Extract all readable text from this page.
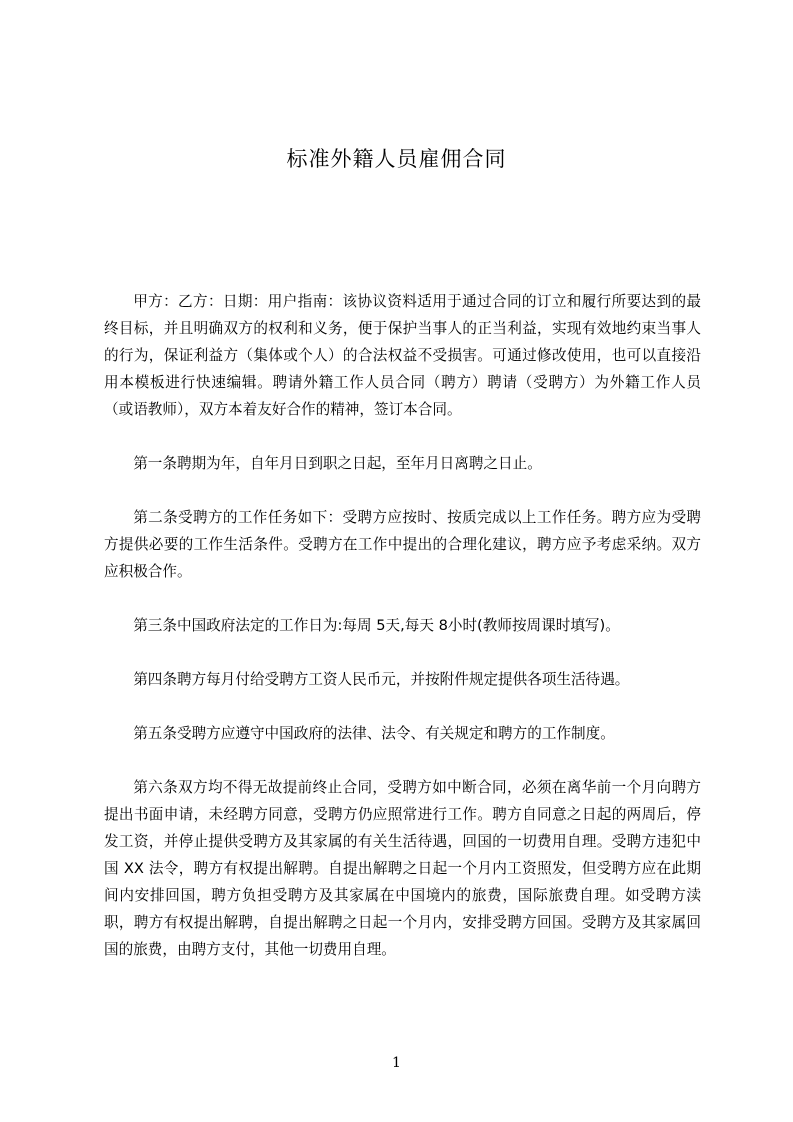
标准外籍人员雇佣合同

甲方：乙方：日期：用户指南：该协议资料适用于通过合同的订立和履行所要达到的最终目标，并且明确双方的权利和义务，便于保护当事人的正当利益，实现有效地约束当事人的行为，保证利益方（集体或个人）的合法权益不受损害。可通过修改使用，也可以直接沿用本模板进行快速编辑。聘请外籍工作人员合同（聘方）聘请（受聘方）为外籍工作人员（或语教师），双方本着友好合作的精神，签订本合同。

第一条聘期为年，自年月日到职之日起，至年月日离聘之日止。

第二条受聘方的工作任务如下：受聘方应按时、按质完成以上工作任务。聘方应为受聘方提供必要的工作生活条件。受聘方在工作中提出的合理化建议，聘方应予考虑采纳。双方应积极合作。

第三条中国政府法定的工作日为:每周 5天,每天 8小时(教师按周课时填写)。

第四条聘方每月付给受聘方工资人民币元，并按附件规定提供各项生活待遇。

第五条受聘方应遵守中国政府的法律、法令、有关规定和聘方的工作制度。

第六条双方均不得无故提前终止合同，受聘方如中断合同，必须在离华前一个月向聘方提出书面申请，未经聘方同意，受聘方仍应照常进行工作。聘方自同意之日起的两周后，停发工资，并停止提供受聘方及其家属的有关生活待遇，回国的一切费用自理。受聘方违犯中国 XX 法令，聘方有权提出解聘。自提出解聘之日起一个月内工资照发，但受聘方应在此期间内安排回国，聘方负担受聘方及其家属在中国境内的旅费，国际旅费自理。如受聘方渎职，聘方有权提出解聘，自提出解聘之日起一个月内，安排受聘方回国。受聘方及其家属回国的旅费，由聘方支付，其他一切费用自理。

1
